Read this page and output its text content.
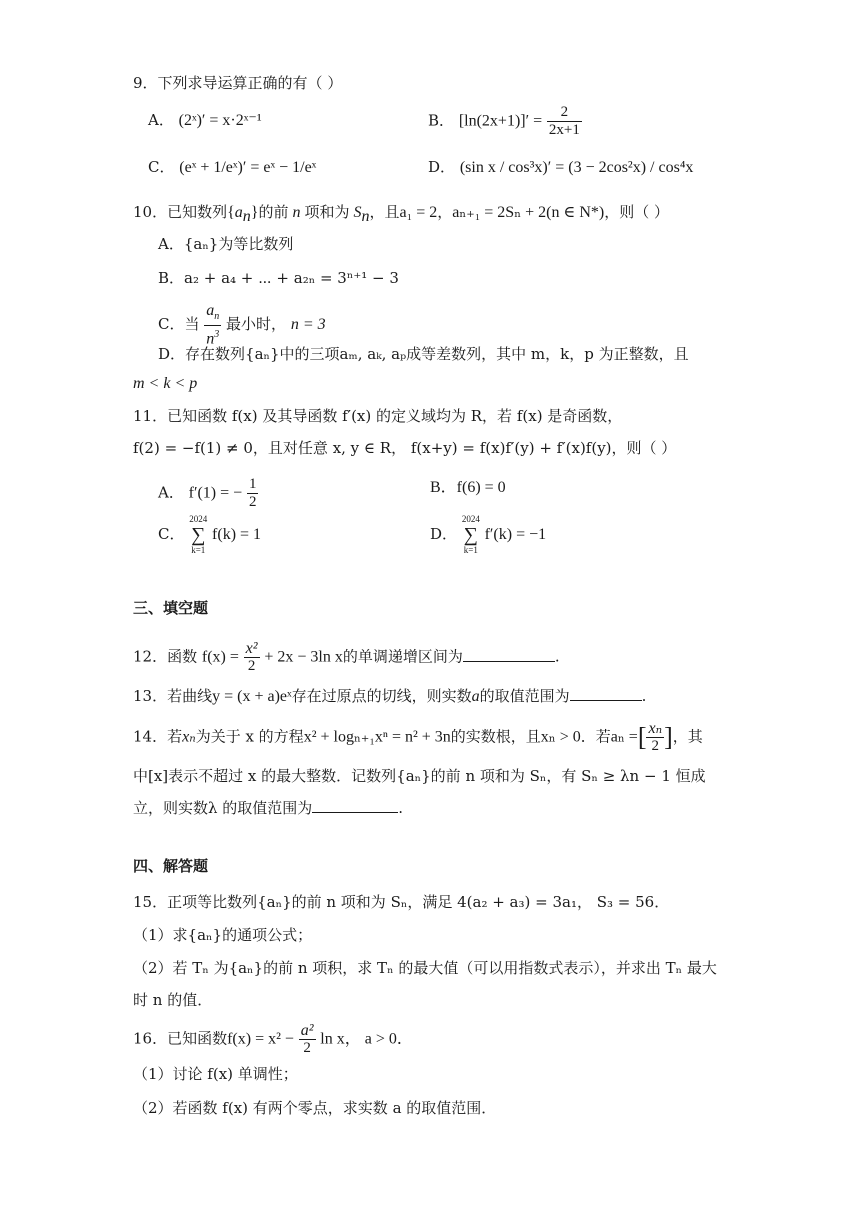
9．下列求导运算正确的有（ ）
A． (2ˣ)′ = x·2ˣ⁻¹	B． $[\ln(2x+1)]' = \frac{2}{2x+1}$
C． (eˣ + 1/eˣ)′ = eˣ − 1/eˣ	D． (sin x / cos³x)′ = (3 − 2cos²x) / cos⁴x
10．已知数列$\{a_n\}$的前 n 项和为 $S_n$，且a₁ = 2，aₙ₊₁ = 2Sₙ + 2(n ∈ N*)，则（ ）
A．{aₙ}为等比数列
B．a₂ + a₄ + ⋯ + a₂ₙ = 3ⁿ⁺¹ − 3
C．当 $\frac{a_n}{n^3}$ 最小时， n = 3
D．存在数列{aₙ}中的三项aₘ, aₖ, aₚ成等差数列，其中 m，k，p 为正整数，且
m < k < p
11．已知函数 f(x) 及其导函数 f′(x) 的定义域均为 R，若 f(x) 是奇函数，
f(2) = −f(1) ≠ 0，且对任意 x, y ∈ R， f(x+y) = f(x)f′(y) + f′(x)f(y)，则（ ）
A． f′(1) = − $\frac{1}{2}$	B．f(6) = 0
C．
2024
∑
k=1
f(k) = 1	D．
2024
∑
k=1
f′(k) = −1
三、填空题
12．函数 $f(x) = \frac{\text{x²}}{2} + 2x - 3\ln$ x的单调递增区间为	.
13．若曲线y = (x + a)eˣ存在过原点的切线，则实数a的取值范围为	.
14．若xₙ为关于 x 的方程x² + logₙ₊₁xⁿ = n² + 3n的实数根，且xₙ > 0．若aₙ =[ $\frac{\text{xₙ}}{2}$ ]，其
中[x]表示不超过 x 的最大整数．记数列{aₙ}的前 n 项和为 Sₙ，有 Sₙ ≥ λn − 1 恒成
立，则实数λ 的取值范围为	.
四、解答题
15．正项等比数列{aₙ}的前 n 项和为 Sₙ，满足 4(a₂ + a₃) = 3a₁， S₃ = 56．
（1）求{aₙ}的通项公式；
（2）若 Tₙ 为{aₙ}的前 n 项积，求 Tₙ 的最大值（可以用指数式表示），并求出 Tₙ 最大
时 n 的值．
16．已知函数$f(x) = x^2 - \frac{\text{a²}}{2}$ ln x， a > 0．
（1）讨论 f(x) 单调性；
（2）若函数 f(x) 有两个零点，求实数 a 的取值范围．
